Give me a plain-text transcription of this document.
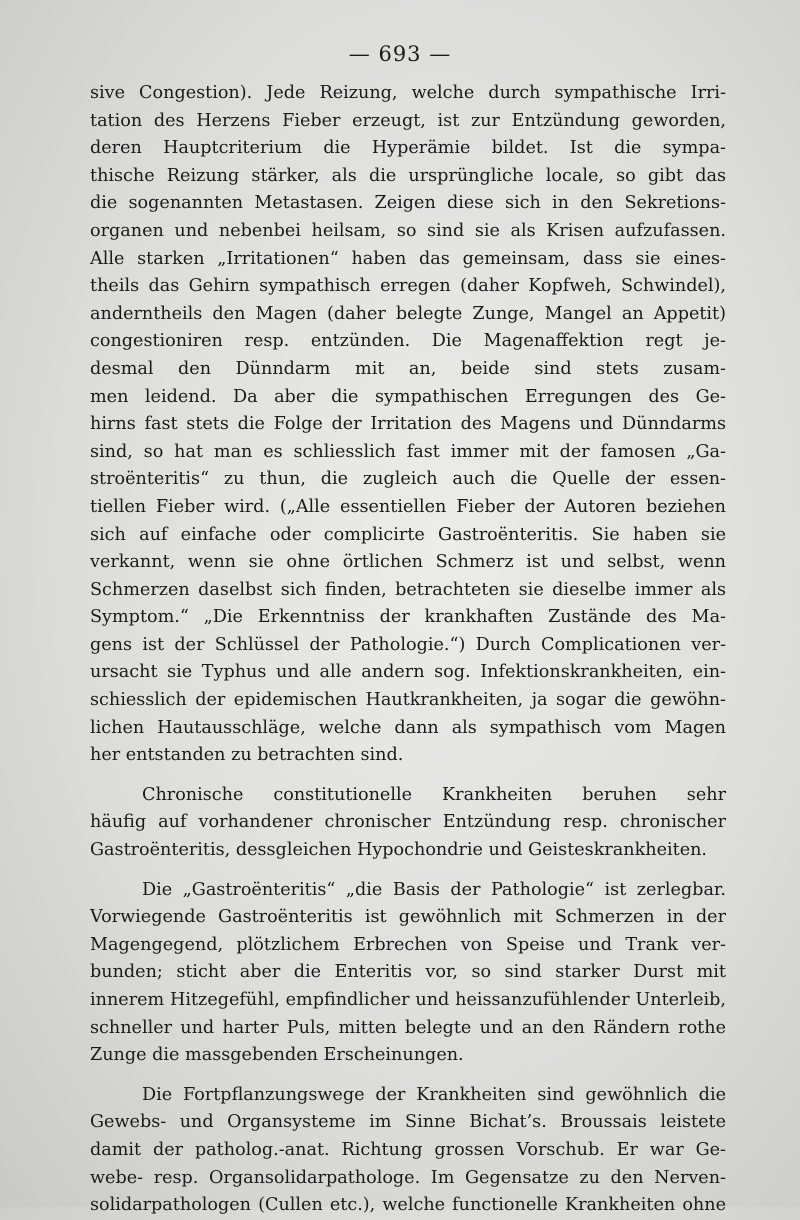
— 693 —
sive Congestion). Jede Reizung, welche durch sympathische Irri-
tation des Herzens Fieber erzeugt, ist zur Entzündung geworden,
deren Hauptcriterium die Hyperämie bildet. Ist die sympa-
thische Reizung stärker, als die ursprüngliche locale, so gibt das
die sogenannten Metastasen. Zeigen diese sich in den Sekretions-
organen und nebenbei heilsam, so sind sie als Krisen aufzufassen.
Alle starken „Irritationen“ haben das gemeinsam, dass sie eines-
theils das Gehirn sympathisch erregen (daher Kopfweh, Schwindel),
anderntheils den Magen (daher belegte Zunge, Mangel an Appetit)
congestioniren resp. entzünden. Die Magenaffektion regt je-
desmal den Dünndarm mit an, beide sind stets zusam-
men leidend. Da aber die sympathischen Erregungen des Ge-
hirns fast stets die Folge der Irritation des Magens und Dünndarms
sind, so hat man es schliesslich fast immer mit der famosen „Ga-
stroënteritis“ zu thun, die zugleich auch die Quelle der essen-
tiellen Fieber wird. („Alle essentiellen Fieber der Autoren beziehen
sich auf einfache oder complicirte Gastroënteritis. Sie haben sie
verkannt, wenn sie ohne örtlichen Schmerz ist und selbst, wenn
Schmerzen daselbst sich finden, betrachteten sie dieselbe immer als
Symptom.“ „Die Erkenntniss der krankhaften Zustände des Ma-
gens ist der Schlüssel der Pathologie.“) Durch Complicationen ver-
ursacht sie Typhus und alle andern sog. Infektionskrankheiten, ein-
schiesslich der epidemischen Hautkrankheiten, ja sogar die gewöhn-
lichen Hautausschläge, welche dann als sympathisch vom Magen
her entstanden zu betrachten sind.
Chronische constitutionelle Krankheiten beruhen sehr
häufig auf vorhandener chronischer Entzündung resp. chronischer
Gastroënteritis, dessgleichen Hypochondrie und Geisteskrankheiten.
Die „Gastroënteritis“ „die Basis der Pathologie“ ist zerlegbar.
Vorwiegende Gastroënteritis ist gewöhnlich mit Schmerzen in der
Magengegend, plötzlichem Erbrechen von Speise und Trank ver-
bunden; sticht aber die Enteritis vor, so sind starker Durst mit
innerem Hitzegefühl, empfindlicher und heissanzufühlender Unterleib,
schneller und harter Puls, mitten belegte und an den Rändern rothe
Zunge die massgebenden Erscheinungen.
Die Fortpflanzungswege der Krankheiten sind gewöhnlich die
Gewebs- und Organsysteme im Sinne Bichat’s. Broussais leistete
damit der patholog.-anat. Richtung grossen Vorschub. Er war Ge-
webe- resp. Organsolidarpathologe. Im Gegensatze zu den Nerven-
solidarpathologen (Cullen etc.), welche functionelle Krankheiten ohne
